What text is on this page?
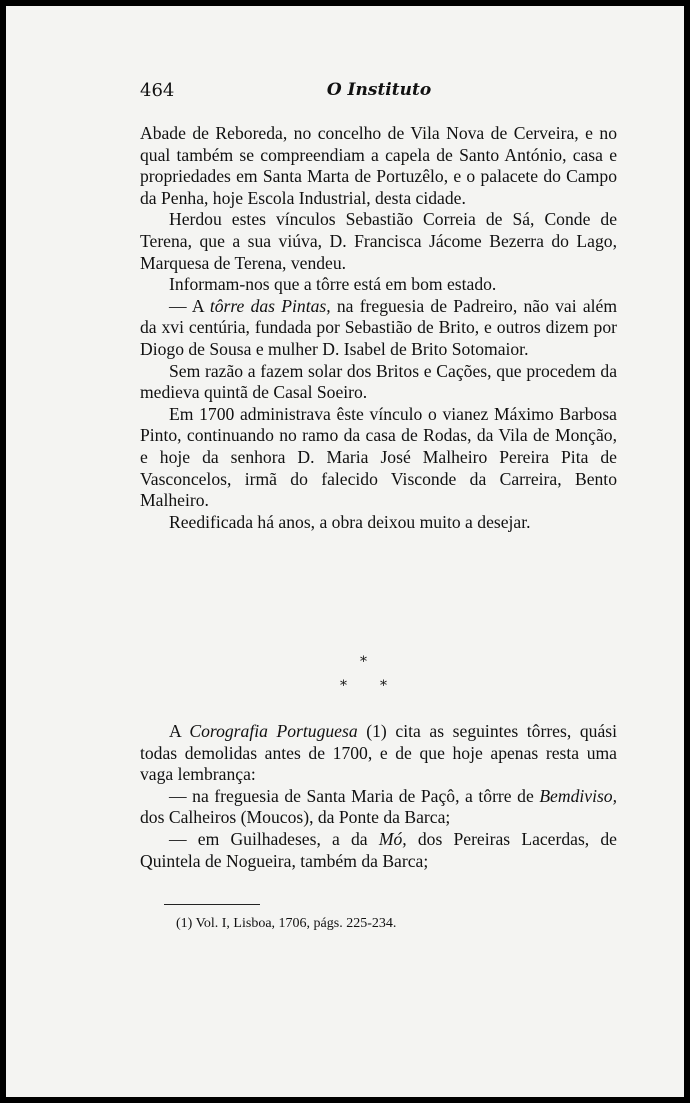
464	O Instituto

Abade de Reboreda, no concelho de Vila Nova de Cerveira, e no qual também se compreendiam a capela de Santo António, casa e propriedades em Santa Marta de Portuzêlo, e o palacete do Campo da Penha, hoje Escola Industrial, desta cidade.

Herdou estes vínculos Sebastião Correia de Sá, Conde de Terena, que a sua viúva, D. Francisca Jácome Bezerra do Lago, Marquesa de Terena, vendeu.

Informam-nos que a tôrre está em bom estado.

— A tôrre das Pintas, na freguesia de Padreiro, não vai além da xvi centúria, fundada por Sebastião de Brito, e outros dizem por Diogo de Sousa e mulher D. Isabel de Brito Sotomaior.

Sem razão a fazem solar dos Britos e Cações, que procedem da medieva quintã de Casal Soeiro.

Em 1700 administrava êste vínculo o vianez Máximo Barbosa Pinto, continuando no ramo da casa de Rodas, da Vila de Monção, e hoje da senhora D. Maria José Malheiro Pereira Pita de Vasconcelos, irmã do falecido Visconde da Carreira, Bento Malheiro.

Reedificada há anos, a obra deixou muito a desejar.

*
* *

A Corografia Portuguesa (1) cita as seguintes tôrres, quási todas demolidas antes de 1700, e de que hoje apenas resta uma vaga lembrança:

— na freguesia de Santa Maria de Paçô, a tôrre de Bemdiviso, dos Calheiros (Moucos), da Ponte da Barca;

— em Guilhadeses, a da Mó, dos Pereiras Lacerdas, de Quintela de Nogueira, também da Barca;

(1) Vol. I, Lisboa, 1706, págs. 225-234.
